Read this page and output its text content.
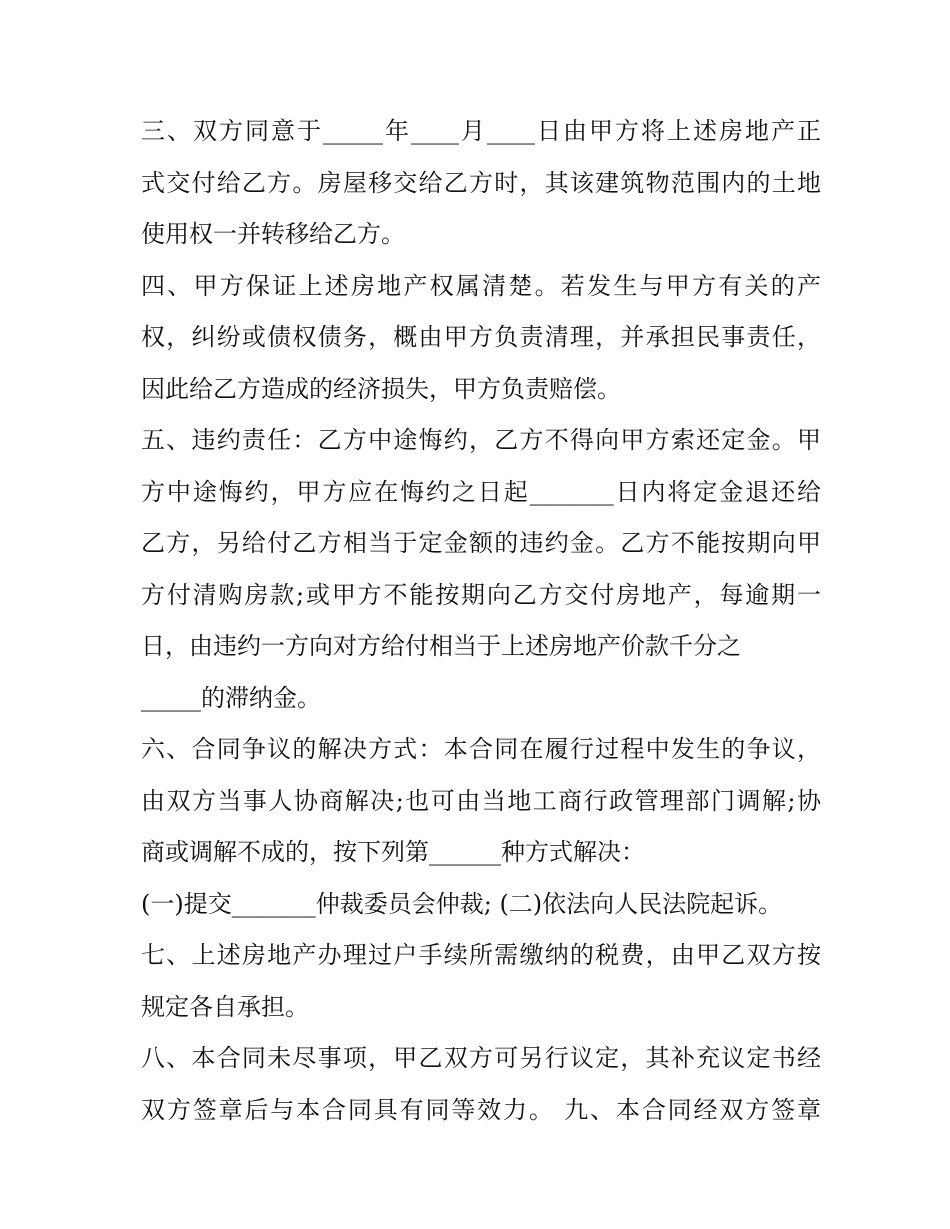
三、双方同意于_____年____月____日由甲方将上述房地产正
式交付给乙方。房屋移交给乙方时，其该建筑物范围内的土地
使用权一并转移给乙方。
四、甲方保证上述房地产权属清楚。若发生与甲方有关的产
权，纠纷或债权债务，概由甲方负责清理，并承担民事责任，
因此给乙方造成的经济损失，甲方负责赔偿。
五、违约责任：乙方中途悔约，乙方不得向甲方索还定金。甲
方中途悔约，甲方应在悔约之日起_______日内将定金退还给
乙方，另给付乙方相当于定金额的违约金。乙方不能按期向甲
方付清购房款;或甲方不能按期向乙方交付房地产，每逾期一
日，由违约一方向对方给付相当于上述房地产价款千分之
_____的滞纳金。
六、合同争议的解决方式：本合同在履行过程中发生的争议，
由双方当事人协商解决;也可由当地工商行政管理部门调解;协
商或调解不成的，按下列第______种方式解决：
(一)提交_______仲裁委员会仲裁; (二)依法向人民法院起诉。
七、上述房地产办理过户手续所需缴纳的税费，由甲乙双方按
规定各自承担。
八、本合同未尽事项，甲乙双方可另行议定，其补充议定书经
双方签章后与本合同具有同等效力。 九、本合同经双方签章
